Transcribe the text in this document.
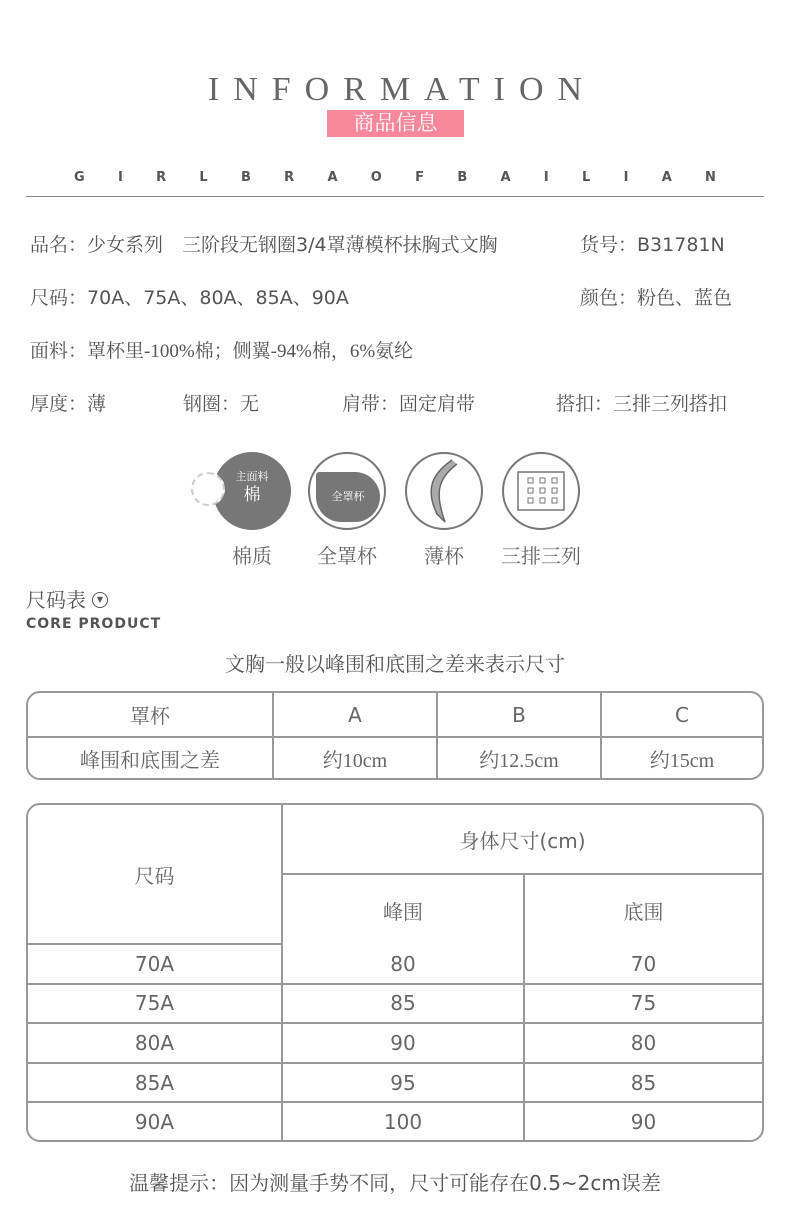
INFORMATION
商品信息
G	I	R	L	B	R	A	O	F	B	A	I	L	I	A	N
品名：少女系列　三阶段无钢圈3/4罩薄模杯抹胸式文胸	货号：B31781N
尺码：70A、75A、80A、85A、90A	颜色：粉色、蓝色
面料：罩杯里-100%棉；侧翼-94%棉，6%氨纶
厚度：薄	钢圈：无	肩带：固定肩带	搭扣：三排三列搭扣
主面料
棉	全罩杯
棉质	全罩杯	薄杯	三排三列
尺码表	▼
CORE PRODUCT
文胸一般以峰围和底围之差来表示尺寸
罩杯	A	B	C
峰围和底围之差	约10cm	约12.5cm	约15cm
尺码	身体尺寸(cm)	
	峰围	底围
70A	80	70
75A	85	75
80A	90	80
85A	95	85
90A	100	90
温馨提示：因为测量手势不同，尺寸可能存在0.5~2cm误差
